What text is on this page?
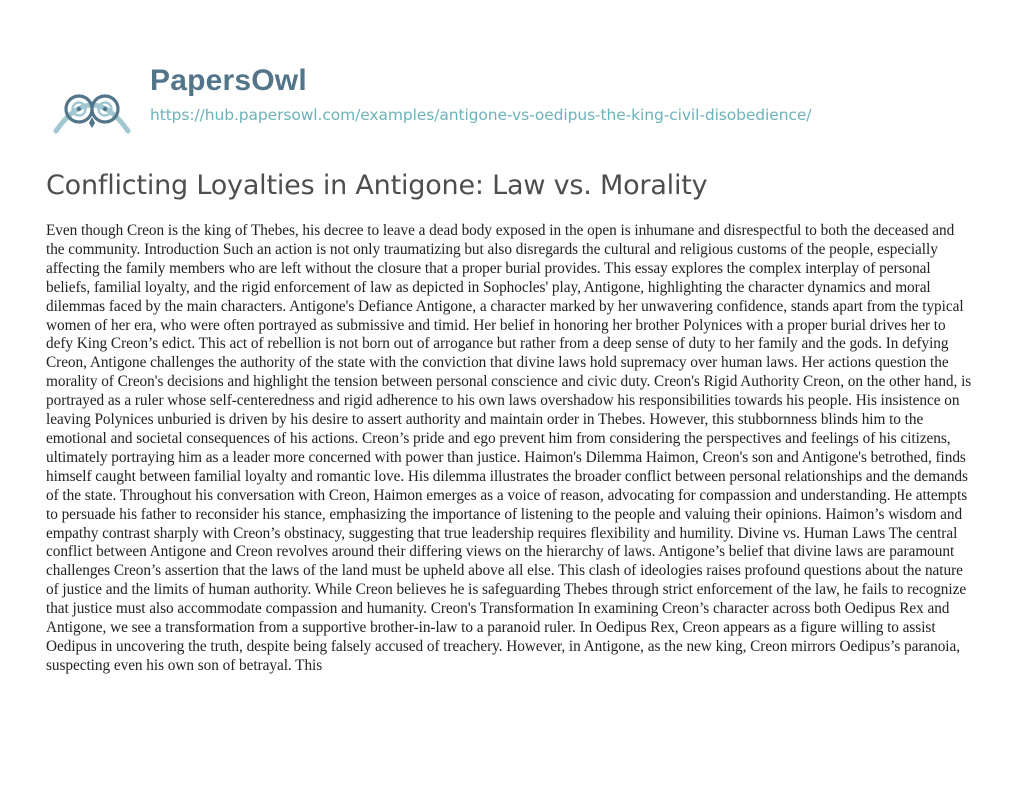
PapersOwl
https://hub.papersowl.com/examples/antigone-vs-oedipus-the-king-civil-disobedience/
Conflicting Loyalties in Antigone: Law vs. Morality

Even though Creon is the king of Thebes, his decree to leave a dead body exposed in the open is inhumane and disrespectful to both the deceased and the community. Introduction Such an action is not only traumatizing but also disregards the cultural and religious customs of the people, especially affecting the family members who are left without the closure that a proper burial provides. This essay explores the complex interplay of personal beliefs, familial loyalty, and the rigid enforcement of law as depicted in Sophocles' play, Antigone, highlighting the character dynamics and moral dilemmas faced by the main characters. Antigone's Defiance Antigone, a character marked by her unwavering confidence, stands apart from the typical women of her era, who were often portrayed as submissive and timid. Her belief in honoring her brother Polynices with a proper burial drives her to defy King Creon’s edict. This act of rebellion is not born out of arrogance but rather from a deep sense of duty to her family and the gods. In defying Creon, Antigone challenges the authority of the state with the conviction that divine laws hold supremacy over human laws. Her actions question the morality of Creon's decisions and highlight the tension between personal conscience and civic duty. Creon's Rigid Authority Creon, on the other hand, is portrayed as a ruler whose self-centeredness and rigid adherence to his own laws overshadow his responsibilities towards his people. His insistence on leaving Polynices unburied is driven by his desire to assert authority and maintain order in Thebes. However, this stubbornness blinds him to the emotional and societal consequences of his actions. Creon’s pride and ego prevent him from considering the perspectives and feelings of his citizens, ultimately portraying him as a leader more concerned with power than justice. Haimon's Dilemma Haimon, Creon's son and Antigone's betrothed, finds himself caught between familial loyalty and romantic love. His dilemma illustrates the broader conflict between personal relationships and the demands of the state. Throughout his conversation with Creon, Haimon emerges as a voice of reason, advocating for compassion and understanding. He attempts to persuade his father to reconsider his stance, emphasizing the importance of listening to the people and valuing their opinions. Haimon’s wisdom and empathy contrast sharply with Creon’s obstinacy, suggesting that true leadership requires flexibility and humility. Divine vs. Human Laws The central conflict between Antigone and Creon revolves around their differing views on the hierarchy of laws. Antigone’s belief that divine laws are paramount challenges Creon’s assertion that the laws of the land must be upheld above all else. This clash of ideologies raises profound questions about the nature of justice and the limits of human authority. While Creon believes he is safeguarding Thebes through strict enforcement of the law, he fails to recognize that justice must also accommodate compassion and humanity. Creon's Transformation In examining Creon’s character across both Oedipus Rex and Antigone, we see a transformation from a supportive brother-in-law to a paranoid ruler. In Oedipus Rex, Creon appears as a figure willing to assist Oedipus in uncovering the truth, despite being falsely accused of treachery. However, in Antigone, as the new king, Creon mirrors Oedipus’s paranoia, suspecting even his own son of betrayal. This
